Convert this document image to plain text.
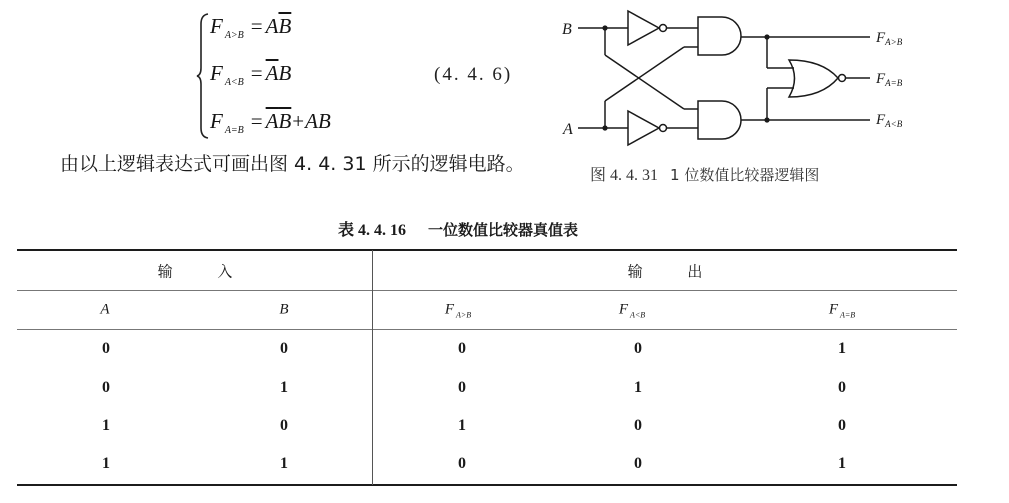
F $_{A>B} = A\overline{B}$
F $_{A<B} = \overline{A}B$
F $_{A=B} = \overline{A}\overline{B}+AB$
(4. 4. 6)
由以上逻辑表达式可画出图 4. 4. 31 所示的逻辑电路。
B
A
$F_{A>B}$
$F_{A=B}$
$F_{A<B}$
图 4. 4. 31 1 位数值比较器逻辑图
表 4. 4. 16 一位数值比较器真值表
输 入	输 出
A	B	F $_{A>B}$	F $_{A<B}$	F $_{A=B}$
0	0	0	0	1
0	1	0	1	0
1	0	1	0	0
1	1	0	0	1
